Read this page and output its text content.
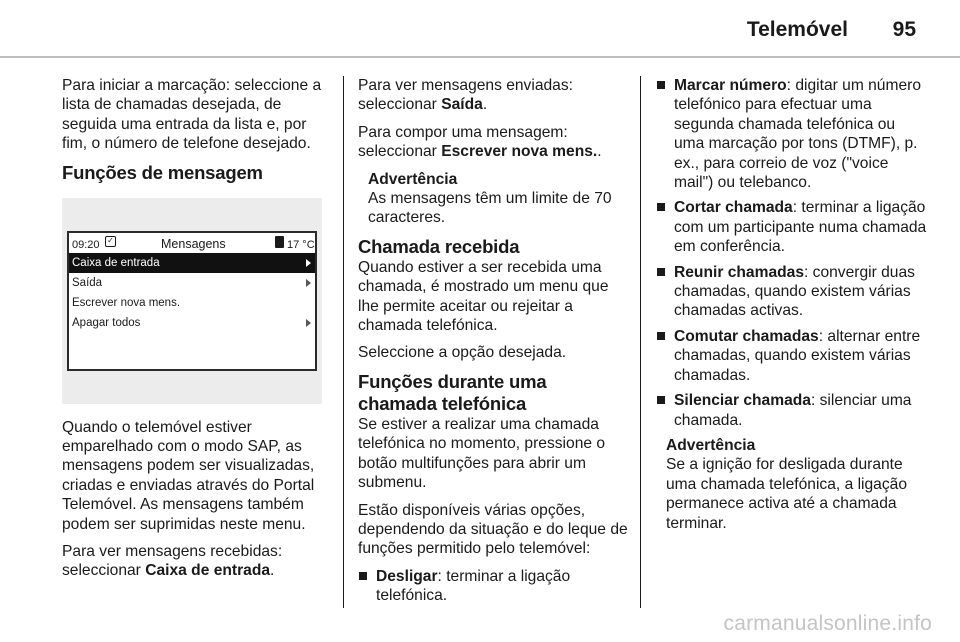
Telemóvel 95

Para iniciar a marcação: seleccione a lista de chamadas desejada, de seguida uma entrada da lista e, por fim, o número de telefone desejado.

Funções de mensagem
09:20 ✓	Mensagens	17 °C
Caixa de entrada
Saída
Escrever nova mens.
Apagar todos

Quando o telemóvel estiver emparelhado com o modo SAP, as mensagens podem ser visualizadas, criadas e enviadas através do Portal Telemóvel. As mensagens também podem ser suprimidas neste menu.

Para ver mensagens recebidas: seleccionar Caixa de entrada.

Para ver mensagens enviadas: seleccionar Saída.

Para compor uma mensagem: seleccionar Escrever nova mens..

Advertência
As mensagens têm um limite de 70 caracteres.
Chamada recebida

Quando estiver a ser recebida uma chamada, é mostrado um menu que lhe permite aceitar ou rejeitar a chamada telefónica.

Seleccione a opção desejada.

Funções durante uma chamada telefónica

Se estiver a realizar uma chamada telefónica no momento, pressione o botão multifunções para abrir um submenu.

Estão disponíveis várias opções, dependendo da situação e do leque de funções permitido pelo telemóvel:

Desligar: terminar a ligação telefónica.
Marcar número: digitar um número telefónico para efectuar uma segunda chamada telefónica ou uma marcação por tons (DTMF), p. ex., para correio de voz ("voice mail") ou telebanco.
Cortar chamada: terminar a ligação com um participante numa chamada em conferência.
Reunir chamadas: convergir duas chamadas, quando existem várias chamadas activas.
Comutar chamadas: alternar entre chamadas, quando existem várias chamadas.
Silenciar chamada: silenciar uma chamada.
Advertência
Se a ignição for desligada durante uma chamada telefónica, a ligação permanece activa até a chamada terminar.
carmanualsonline.info
